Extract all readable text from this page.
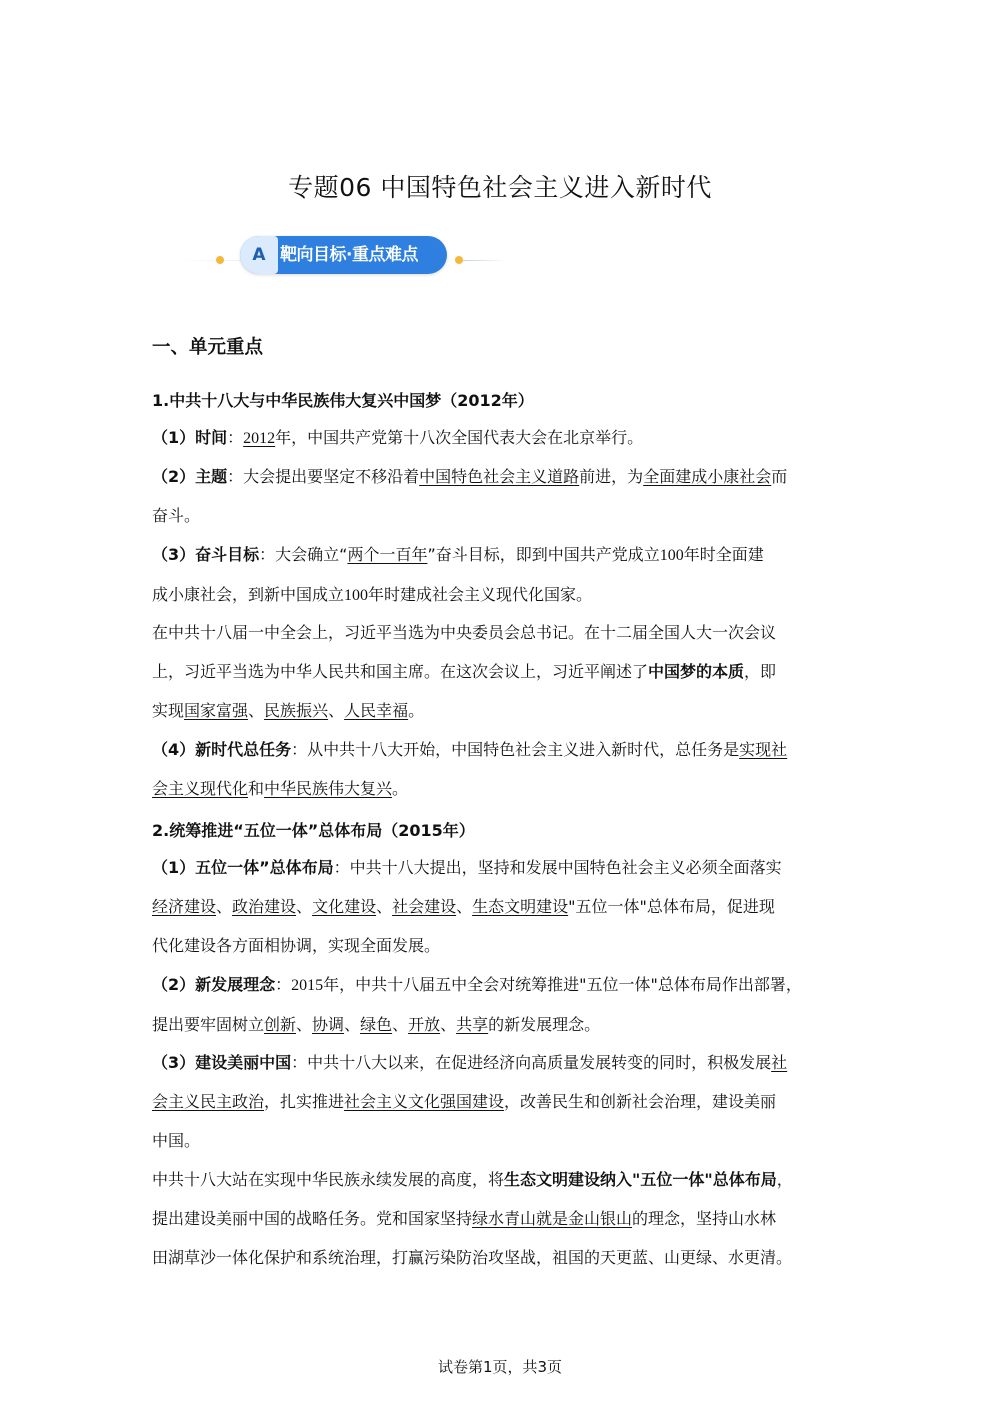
专题06 中国特色社会主义进入新时代
A 靶向目标·重点难点
一、单元重点
1.中共十八大与中华民族伟大复兴中国梦（2012年）
（1）时间：2012年，中国共产党第十八次全国代表大会在北京举行。
（2）主题：大会提出要坚定不移沿着中国特色社会主义道路前进，为全面建成小康社会而
奋斗。
（3）奋斗目标：大会确立“两个一百年”奋斗目标，即到中国共产党成立100年时全面建
成小康社会，到新中国成立100年时建成社会主义现代化国家。
在中共十八届一中全会上，习近平当选为中央委员会总书记。在十二届全国人大一次会议
上，习近平当选为中华人民共和国主席。在这次会议上，习近平阐述了中国梦的本质，即
实现国家富强、民族振兴、人民幸福。
（4）新时代总任务：从中共十八大开始，中国特色社会主义进入新时代，总任务是实现社
会主义现代化和中华民族伟大复兴。
2.统筹推进“五位一体”总体布局（2015年）
（1）五位一体”总体布局：中共十八大提出，坚持和发展中国特色社会主义必须全面落实
经济建设、政治建设、文化建设、社会建设、生态文明建设"五位一体"总体布局，促进现
代化建设各方面相协调，实现全面发展。
（2）新发展理念：2015年，中共十八届五中全会对统筹推进"五位一体"总体布局作出部署，
提出要牢固树立创新、协调、绿色、开放、共享的新发展理念。
（3）建设美丽中国：中共十八大以来，在促进经济向高质量发展转变的同时，积极发展社
会主义民主政治，扎实推进社会主义文化强国建设，改善民生和创新社会治理，建设美丽
中国。
中共十八大站在实现中华民族永续发展的高度，将生态文明建设纳入"五位一体"总体布局，
提出建设美丽中国的战略任务。党和国家坚持绿水青山就是金山银山的理念，坚持山水林
田湖草沙一体化保护和系统治理，打赢污染防治攻坚战，祖国的天更蓝、山更绿、水更清。
试卷第1页，共3页
